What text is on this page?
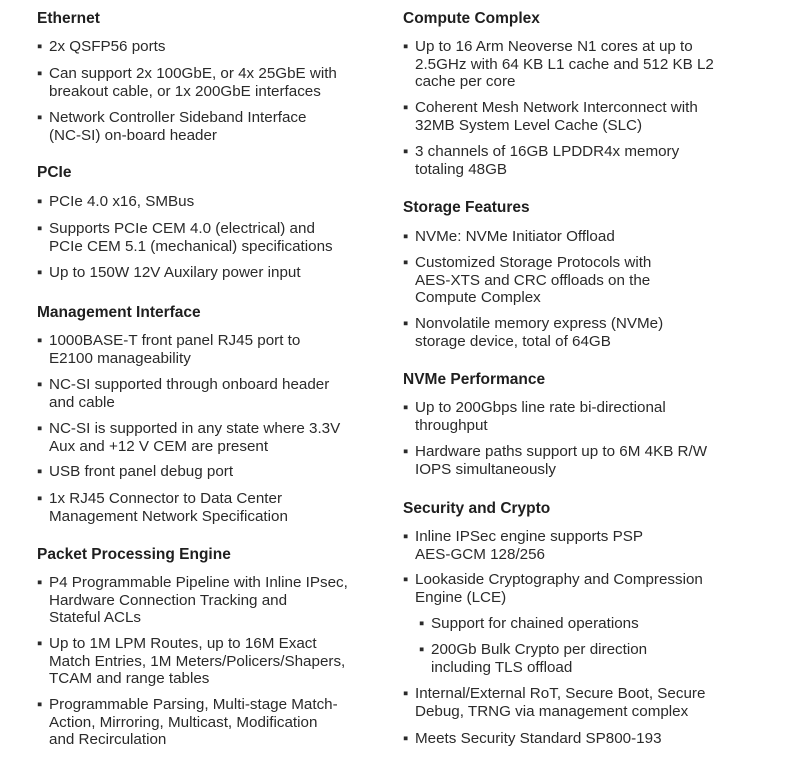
Ethernet
▪ 2x QSFP56 ports
▪ Can support 2x 100GbE, or 4x 25GbE with
breakout cable, or 1x 200GbE interfaces
▪ Network Controller Sideband Interface
(NC-SI) on-board header
PCIe
▪ PCIe 4.0 x16, SMBus
▪ Supports PCIe CEM 4.0 (electrical) and
PCIe CEM 5.1 (mechanical) specifications
▪ Up to 150W 12V Auxilary power input
Management Interface
▪ 1000BASE-T front panel RJ45 port to
E2100 manageability
▪ NC-SI supported through onboard header
and cable
▪ NC-SI is supported in any state where 3.3V
Aux and +12 V CEM are present
▪ USB front panel debug port
▪ 1x RJ45 Connector to Data Center
Management Network Specification
Packet Processing Engine
▪ P4 Programmable Pipeline with Inline IPsec,
Hardware Connection Tracking and
Stateful ACLs
▪ Up to 1M LPM Routes, up to 16M Exact
Match Entries, 1M Meters/Policers/Shapers,
TCAM and range tables
▪ Programmable Parsing, Multi-stage Match-
Action, Mirroring, Multicast, Modification
and Recirculation
Compute Complex
▪ Up to 16 Arm Neoverse N1 cores at up to
2.5GHz with 64 KB L1 cache and 512 KB L2
cache per core
▪ Coherent Mesh Network Interconnect with
32MB System Level Cache (SLC)
▪ 3 channels of 16GB LPDDR4x memory
totaling 48GB
Storage Features
▪ NVMe: NVMe Initiator Offload
▪ Customized Storage Protocols with
AES-XTS and CRC offloads on the
Compute Complex
▪ Nonvolatile memory express (NVMe)
storage device, total of 64GB
NVMe Performance
▪ Up to 200Gbps line rate bi-directional
throughput
▪ Hardware paths support up to 6M 4KB R/W
IOPS simultaneously
Security and Crypto
▪ Inline IPSec engine supports PSP
AES-GCM 128/256
▪ Lookaside Cryptography and Compression
Engine (LCE)
▪ Support for chained operations
▪ 200Gb Bulk Crypto per direction
including TLS offload
▪ Internal/External RoT, Secure Boot, Secure
Debug, TRNG via management complex
▪ Meets Security Standard SP800-193
